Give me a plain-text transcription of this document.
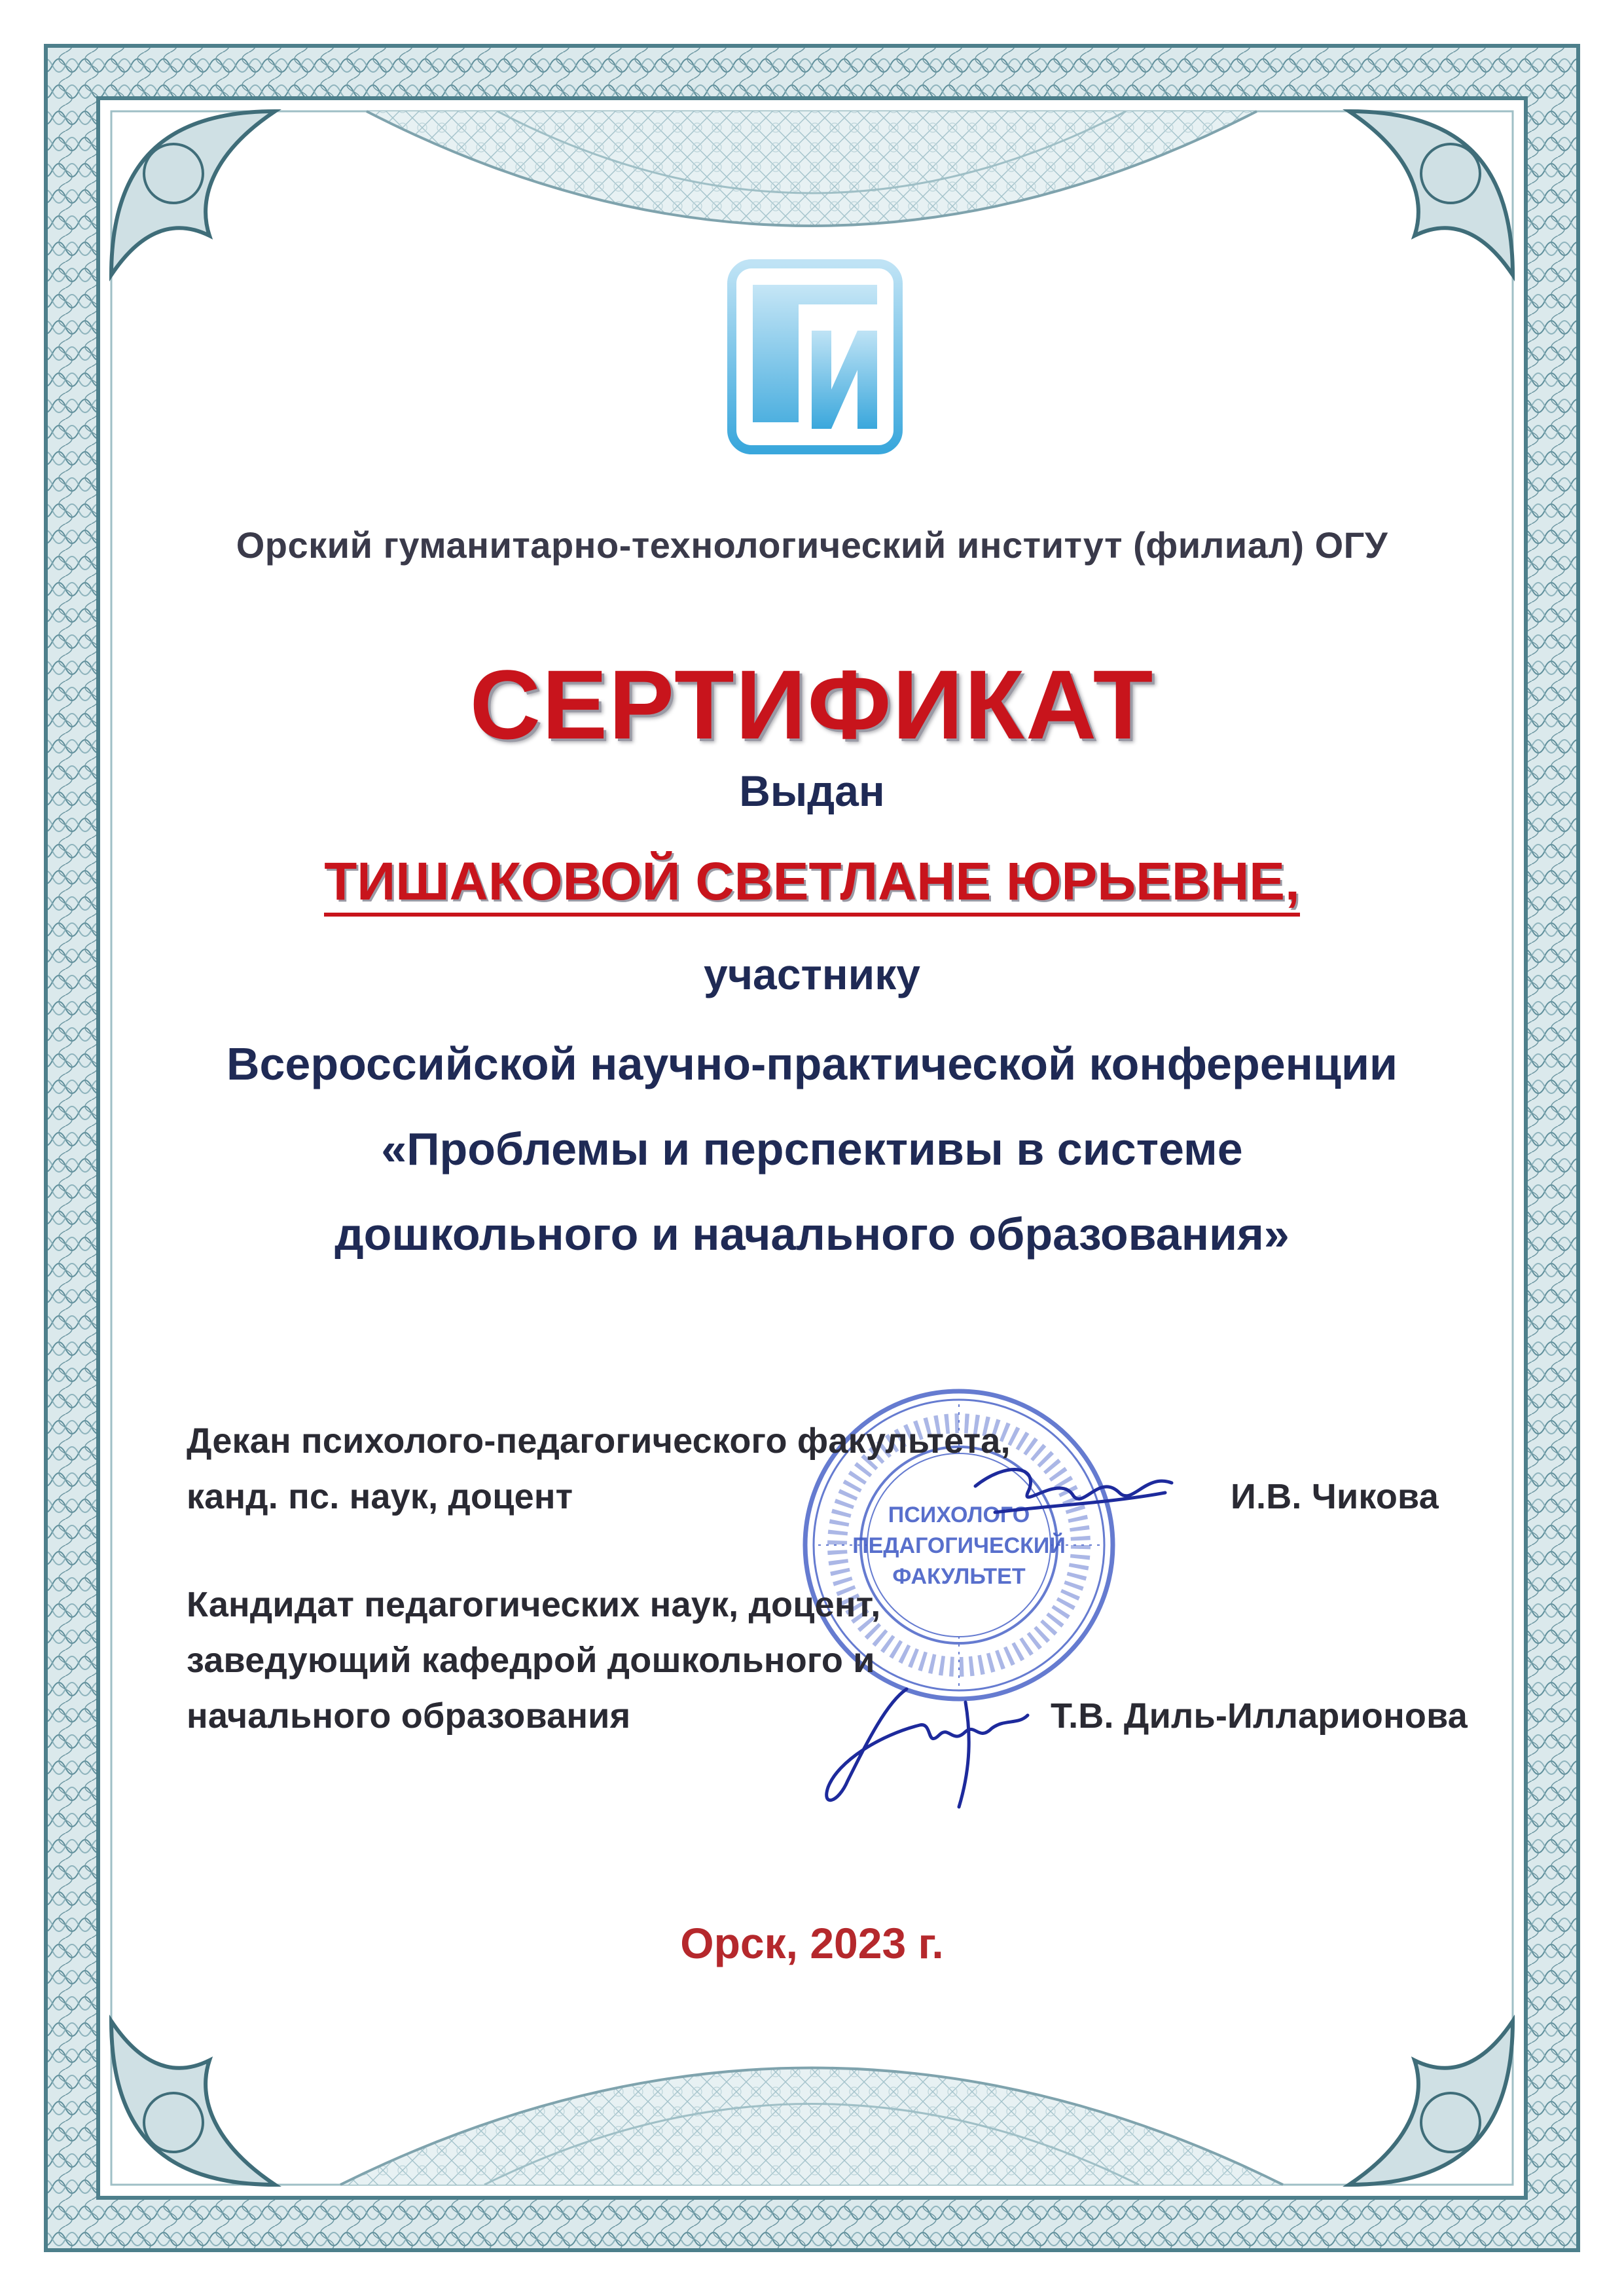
Орский гуманитарно-технологический институт (филиал) ОГУ
СЕРТИФИКАТ
Выдан
ТИШАКОВОЙ СВЕТЛАНЕ ЮРЬЕВНЕ,
участнику
Всероссийской научно-практической конференции
«Проблемы и перспективы в системе
дошкольного и начального образования»
ПСИХОЛОГО
ПЕДАГОГИЧЕСКИЙ
ФАКУЛЬТЕТ
Декан психолого-педагогического факультета,
канд. пс. наук, доцент	И.В. Чикова
Кандидат педагогических наук, доцент,
заведующий кафедрой дошкольного и
начального образования	Т.В. Диль-Илларионова
Орск, 2023 г.
